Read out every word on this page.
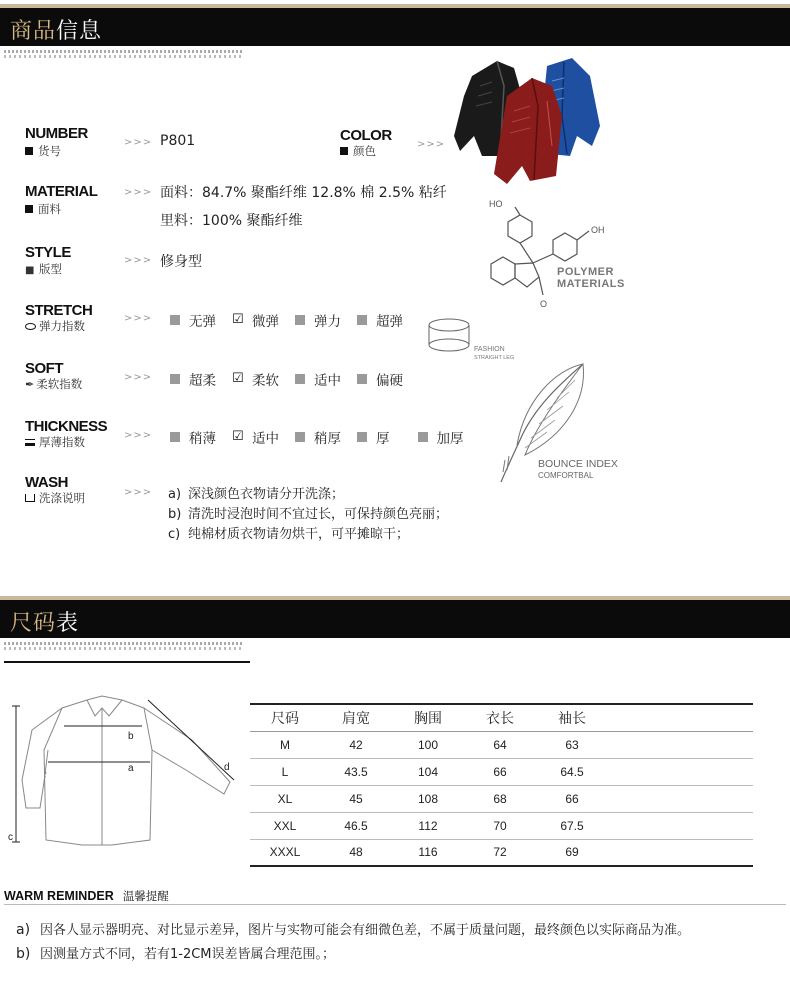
商品信息
NUMBER
货号
>>> P801	COLOR
颜色	>>>
MATERIAL
面料
>>> 面料：84.7% 聚酯纤维 12.8% 棉 2.5% 粘纤
里料：100% 聚酯纤维
HO
OH
O
POLYMER
MATERIALS
STYLE
■ 版型
>>> 修身型
STRETCH
弹力指数
>>>	无弹 ☑ 微弹	弹力	超弹
FASHION
STRAIGHT LEG
SOFT
✒ 柔软指数	>>>	超柔 ☑ 柔软	适中	偏硬
BOUNCE INDEX
COMFORTBAL
THICKNESS
厚薄指数	>>>	稍薄 ☑ 适中	稍厚	厚	加厚
WASH
洗涤说明	>>> a) 深浅颜色衣物请分开洗涤；
b) 清洗时浸泡时间不宜过长，可保持颜色亮丽；
c) 纯棉材质衣物请勿烘干，可平摊晾干；
尺码表
b
a
c
d
尺码	肩宽	胸围	衣长	袖长	
M	42	100	64	63	
L	43.5	104	66	64.5	
XL	45	108	68	66	
XXL	46.5	112	70	67.5	
XXXL	48	116	72	69	
WARM REMINDER 温馨提醒
a) 因各人显示器明亮、对比显示差异，图片与实物可能会有细微色差，不属于质量问题，最终颜色以实际商品为准。
b) 因测量方式不同，若有1-2CM误差皆属合理范围。；
